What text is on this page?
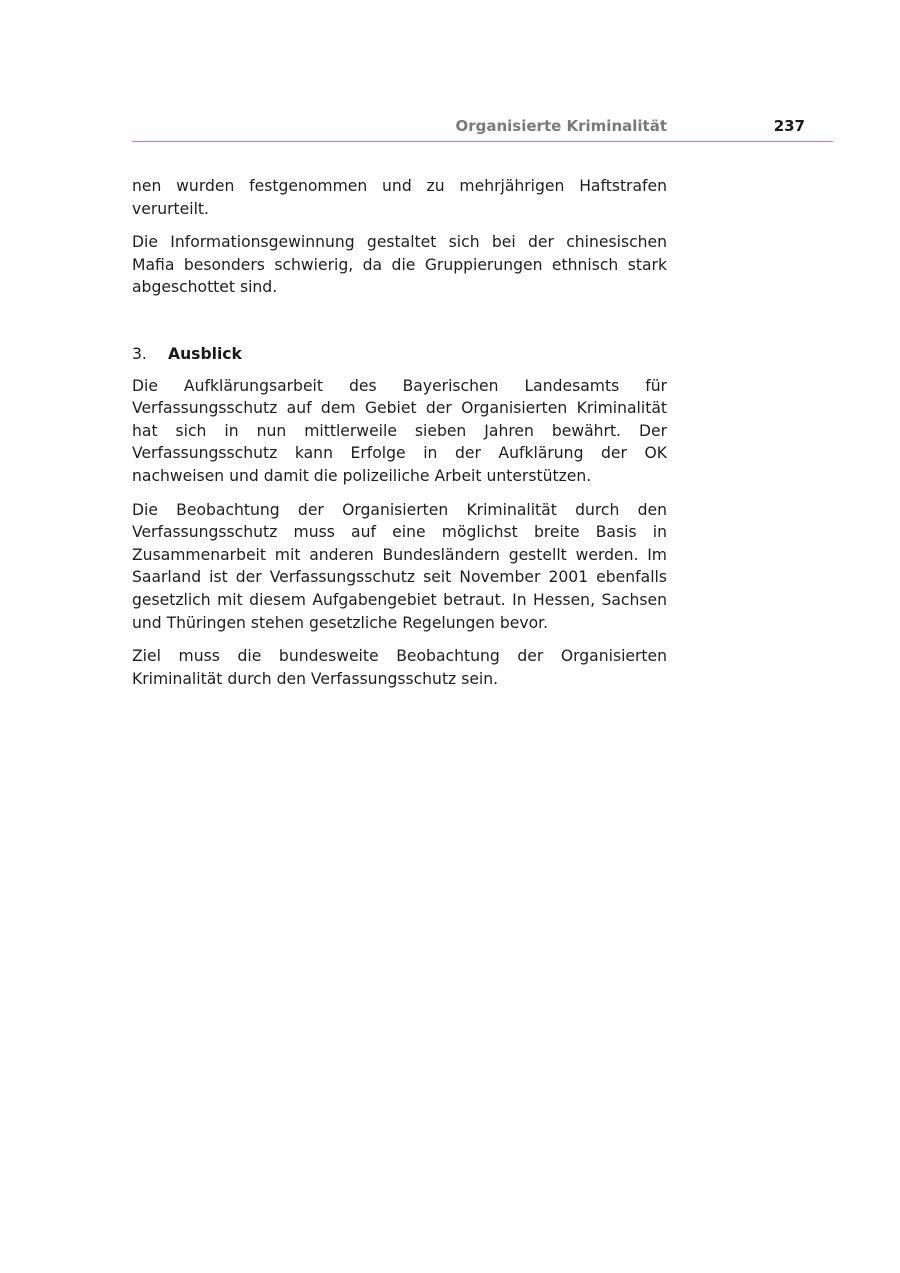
Organisierte Kriminalität	237

nen wurden festgenommen und zu mehrjährigen Haftstrafen verurteilt.

Die Informationsgewinnung gestaltet sich bei der chinesischen Mafia besonders schwierig, da die Gruppierungen ethnisch stark abgeschottet sind.

3.	Ausblick

Die Aufklärungsarbeit des Bayerischen Landesamts für Verfassungsschutz auf dem Gebiet der Organisierten Kriminalität hat sich in nun mittlerweile sieben Jahren bewährt. Der Verfassungsschutz kann Erfolge in der Aufklärung der OK nachweisen und damit die polizeiliche Arbeit unterstützen.

Die Beobachtung der Organisierten Kriminalität durch den Verfassungsschutz muss auf eine möglichst breite Basis in Zusammenarbeit mit anderen Bundesländern gestellt werden. Im Saarland ist der Verfassungsschutz seit November 2001 ebenfalls gesetzlich mit diesem Aufgabengebiet betraut. In Hessen, Sachsen und Thüringen stehen gesetzliche Regelungen bevor.

Ziel muss die bundesweite Beobachtung der Organisierten Kriminalität durch den Verfassungsschutz sein.
